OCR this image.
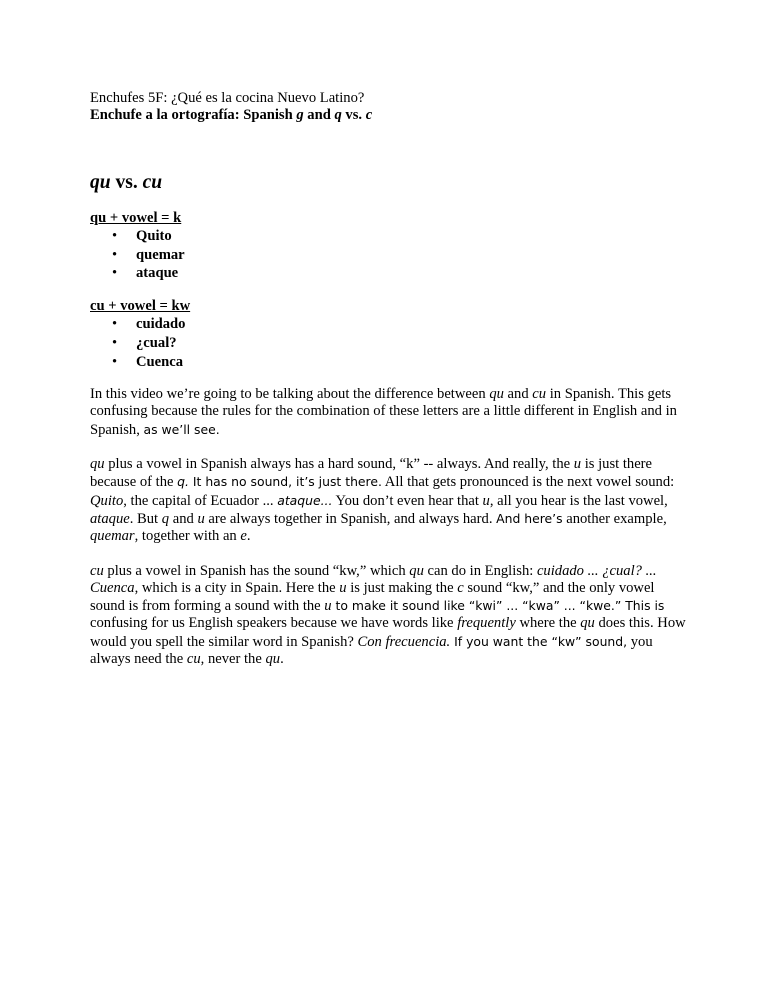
Enchufes 5F: ¿Qué es la cocina Nuevo Latino?

Enchufe a la ortografía: Spanish g and q vs. c

qu vs. cu

qu + vowel = k

• Quito
• quemar
• ataque

cu + vowel = kw

• cuidado
• ¿cual?
• Cuenca

In this video we’re going to be talking about the difference between qu and cu in Spanish. This gets confusing because the rules for the combination of these letters are a little different in English and in Spanish, as we’ll see.

qu plus a vowel in Spanish always has a hard sound, “k” -- always. And really, the u is just there because of the q. It has no sound, it’s just there. All that gets pronounced is the next vowel sound: Quito, the capital of Ecuador ... ataque... You don’t even hear that u, all you hear is the last vowel, ataque. But q and u are always together in Spanish, and always hard. And here’s another example, quemar, together with an e.

cu plus a vowel in Spanish has the sound “kw,” which qu can do in English: cuidado ... ¿cual? ... Cuenca, which is a city in Spain. Here the u is just making the c sound “kw,” and the only vowel sound is from forming a sound with the u to make it sound like “kwi” ... “kwa” ... “kwe.” This is confusing for us English speakers because we have words like frequently where the qu does this. How would you spell the similar word in Spanish? Con frecuencia. If you want the “kw” sound, you always need the cu, never the qu.
